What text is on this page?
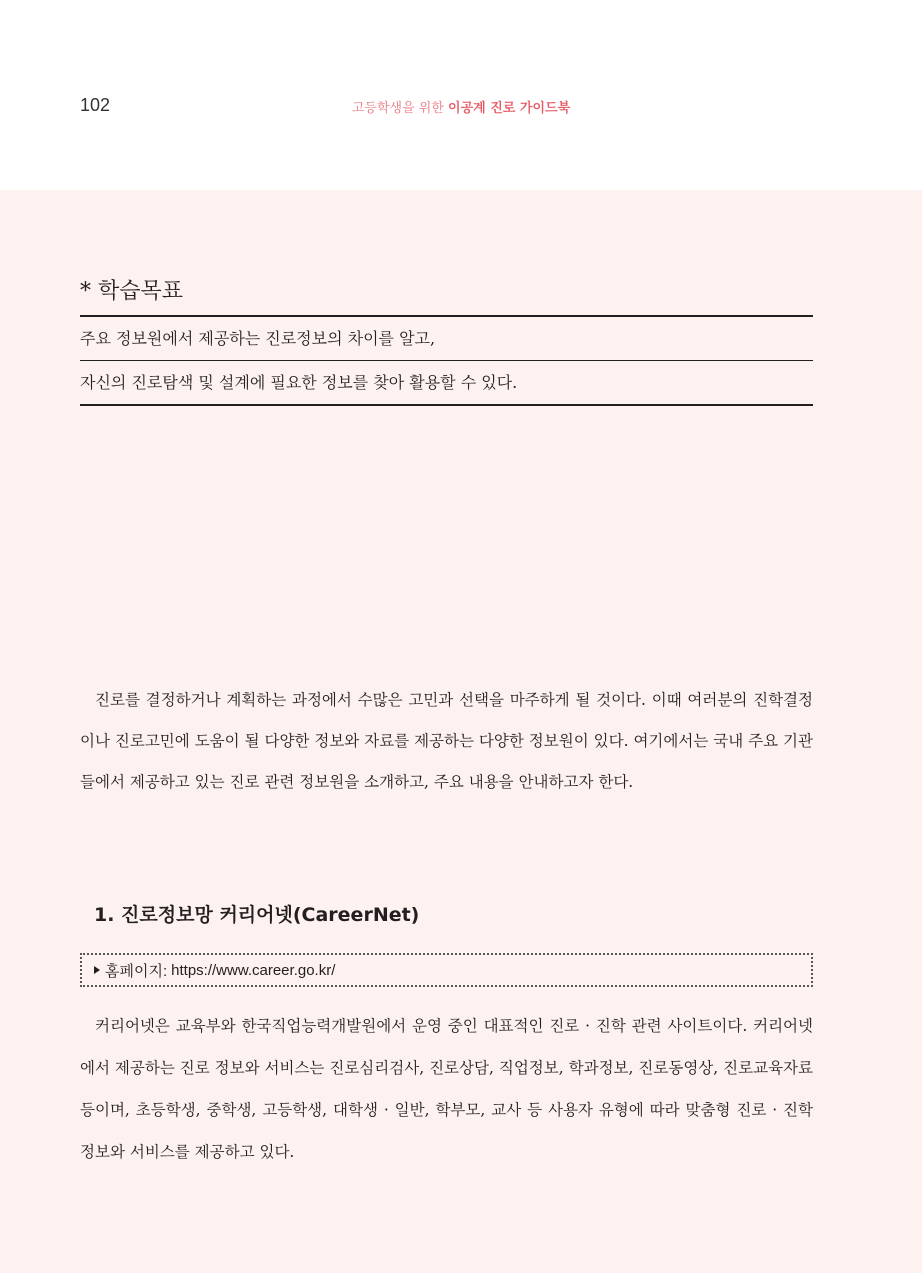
102	고등학생을 위한 이공계 진로 가이드북
* 학습목표
주요 정보원에서 제공하는 진로정보의 차이를 알고,
자신의 진로탐색 및 설계에 필요한 정보를 찾아 활용할 수 있다.

진로를 결정하거나 계획하는 과정에서 수많은 고민과 선택을 마주하게 될 것이다. 이때 여러분의 진학결정이나 진로고민에 도움이 될 다양한 정보와 자료를 제공하는 다양한 정보원이 있다. 여기에서는 국내 주요 기관들에서 제공하고 있는 진로 관련 정보원을 소개하고, 주요 내용을 안내하고자 한다.

1. 진로정보망 커리어넷(CareerNet)
홈페이지: https://www.career.go.kr/

커리어넷은 교육부와 한국직업능력개발원에서 운영 중인 대표적인 진로 · 진학 관련 사이트이다. 커리어넷에서 제공하는 진로 정보와 서비스는 진로심리검사, 진로상담, 직업정보, 학과정보, 진로동영상, 진로교육자료 등이며, 초등학생, 중학생, 고등학생, 대학생 · 일반, 학부모, 교사 등 사용자 유형에 따라 맞춤형 진로 · 진학 정보와 서비스를 제공하고 있다.
